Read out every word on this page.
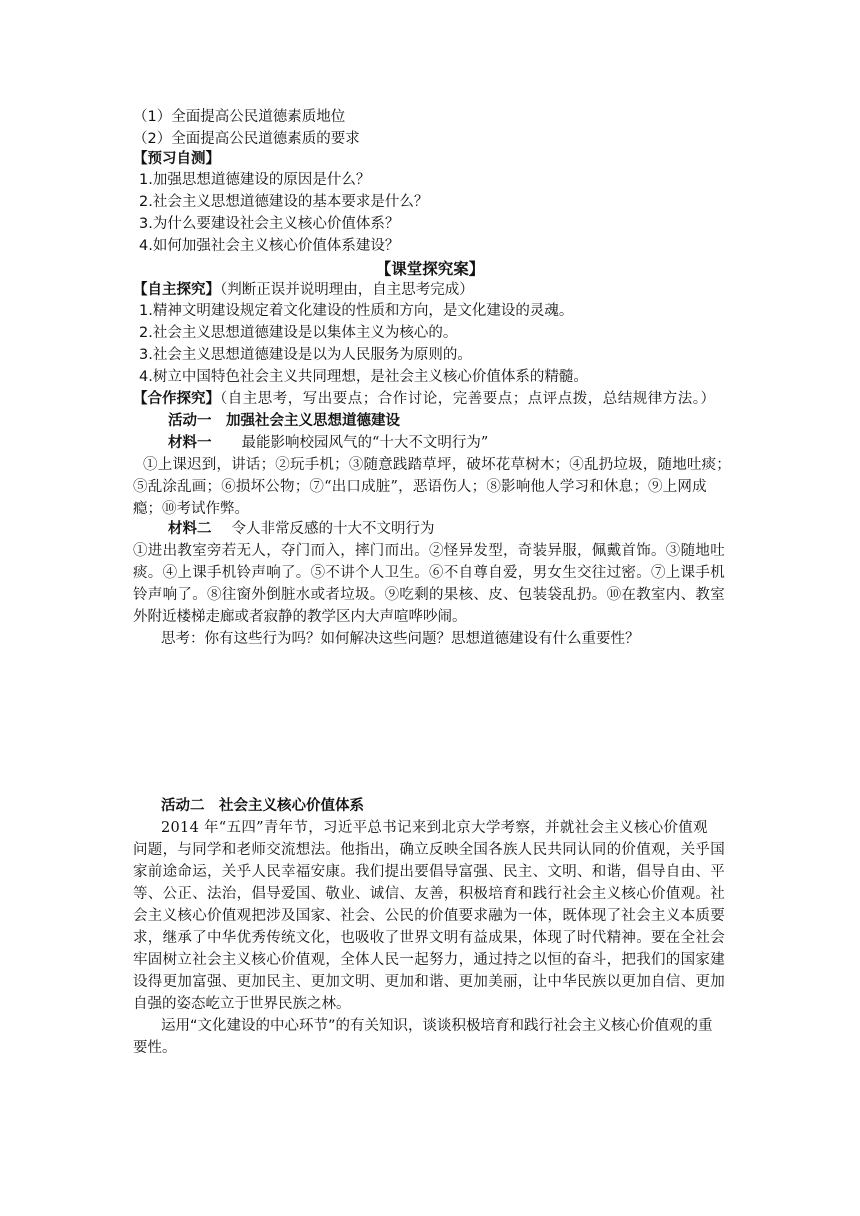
（1）全面提高公民道德素质地位
（2）全面提高公民道德素质的要求
【预习自测】
1.加强思想道德建设的原因是什么？
2.社会主义思想道德建设的基本要求是什么？
3.为什么要建设社会主义核心价值体系？
4.如何加强社会主义核心价值体系建设？
【课堂探究案】
【自主探究】（判断正误并说明理由，自主思考完成）
1.精神文明建设规定着文化建设的性质和方向，是文化建设的灵魂。
2.社会主义思想道德建设是以集体主义为核心的。
3.社会主义思想道德建设是以为人民服务为原则的。
4.树立中国特色社会主义共同理想，是社会主义核心价值体系的精髓。
【合作探究】（自主思考，写出要点；合作讨论，完善要点；点评点拨，总结规律方法。）
活动一　加强社会主义思想道德建设
材料一 最能影响校园风气的“十大不文明行为”
①上课迟到，讲话；②玩手机；③随意践踏草坪，破坏花草树木；④乱扔垃圾，随地吐痰；
⑤乱涂乱画；⑥损坏公物；⑦“出口成脏”，恶语伤人；⑧影响他人学习和休息；⑨上网成
瘾；⑩考试作弊。
材料二 令人非常反感的十大不文明行为
①进出教室旁若无人，夺门而入，摔门而出。②怪异发型，奇装异服，佩戴首饰。③随地吐
痰。④上课手机铃声响了。⑤不讲个人卫生。⑥不自尊自爱，男女生交往过密。⑦上课手机
铃声响了。⑧往窗外倒脏水或者垃圾。⑨吃剩的果核、皮、包装袋乱扔。⑩在教室内、教室
外附近楼梯走廊或者寂静的教学区内大声喧哗吵闹。
思考：你有这些行为吗？如何解决这些问题？思想道德建设有什么重要性？
活动二　社会主义核心价值体系
2014 年“五四”青年节，习近平总书记来到北京大学考察，并就社会主义核心价值观
问题，与同学和老师交流想法。他指出，确立反映全国各族人民共同认同的价值观，关乎国
家前途命运，关乎人民幸福安康。我们提出要倡导富强、民主、文明、和谐，倡导自由、平
等、公正、法治，倡导爱国、敬业、诚信、友善，积极培育和践行社会主义核心价值观。社
会主义核心价值观把涉及国家、社会、公民的价值要求融为一体，既体现了社会主义本质要
求，继承了中华优秀传统文化，也吸收了世界文明有益成果，体现了时代精神。要在全社会
牢固树立社会主义核心价值观，全体人民一起努力，通过持之以恒的奋斗，把我们的国家建
设得更加富强、更加民主、更加文明、更加和谐、更加美丽，让中华民族以更加自信、更加
自强的姿态屹立于世界民族之林。
运用“文化建设的中心环节”的有关知识，谈谈积极培育和践行社会主义核心价值观的重
要性。
